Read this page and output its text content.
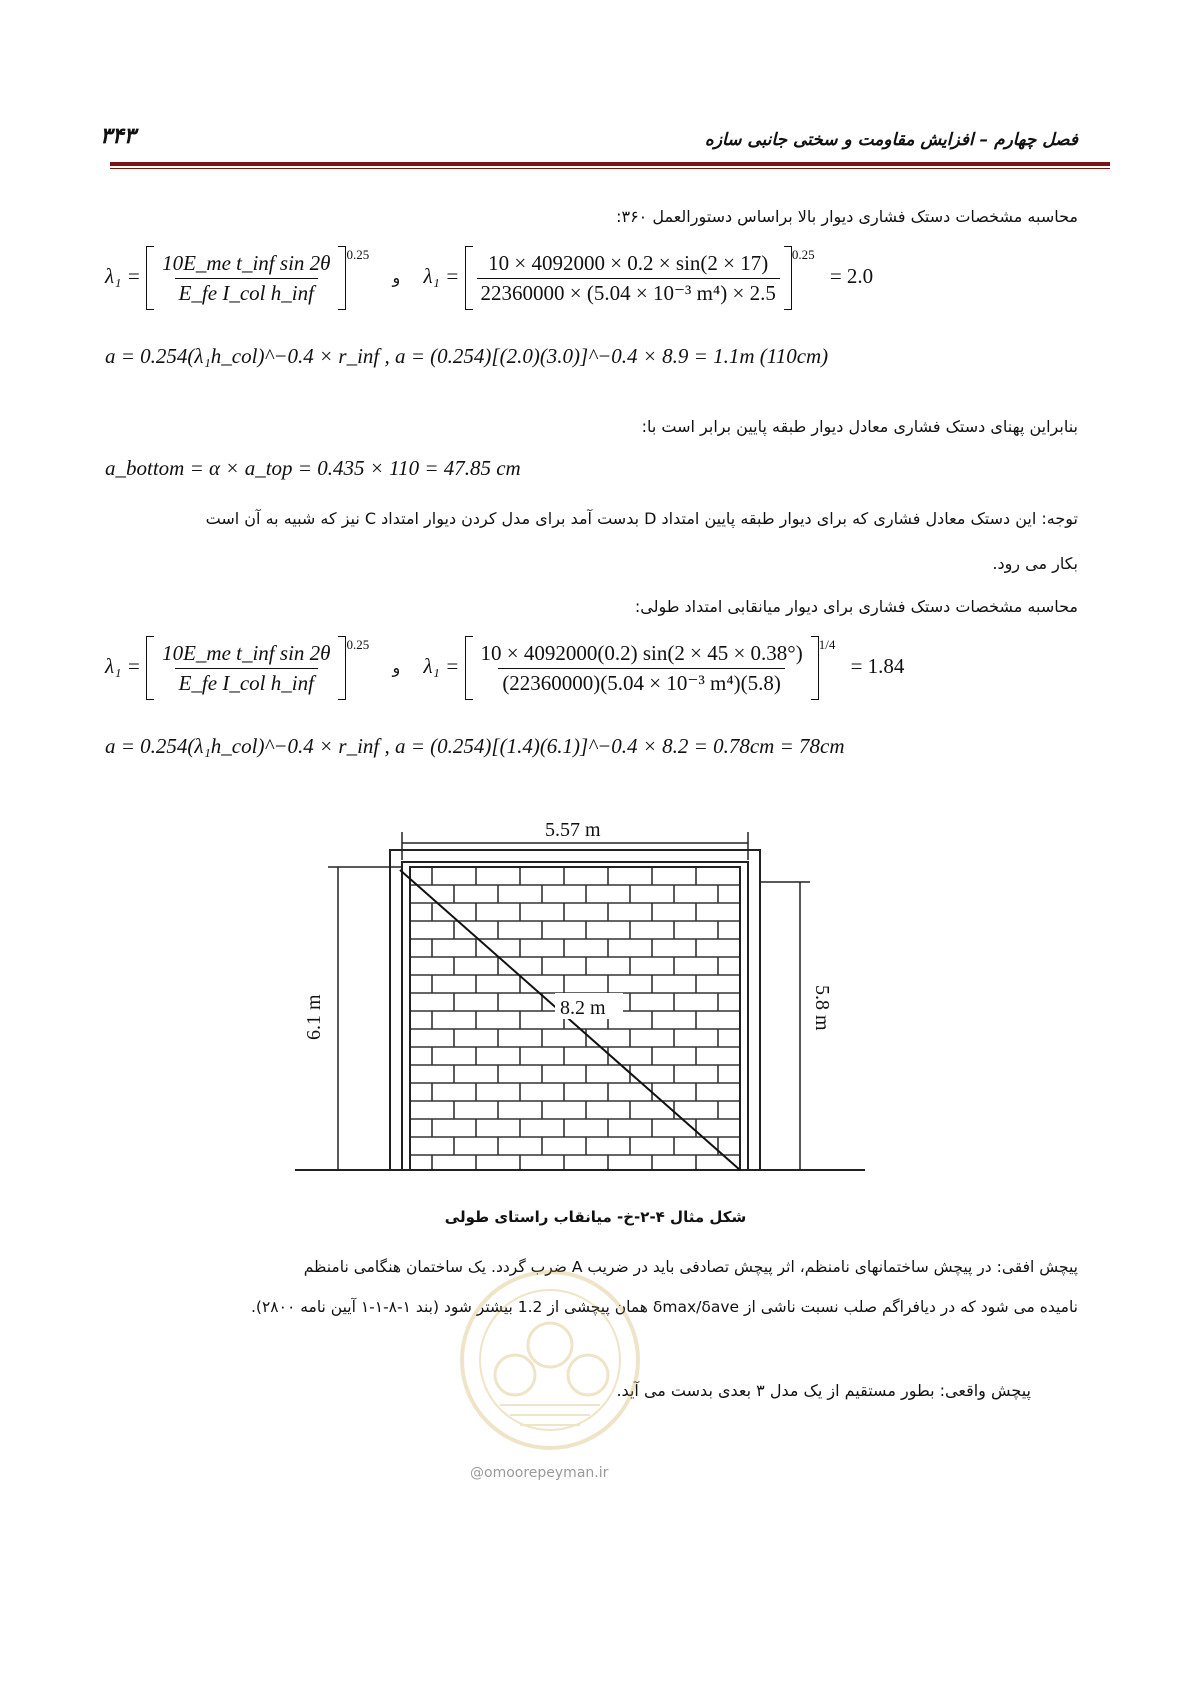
فصل چهارم – افزایش مقاومت و سختی جانبی سازه
۳۴۳
محاسبه مشخصات دستک فشاری دیوار بالا براساس دستورالعمل ۳۶۰:
$\lambda_1 = \frac{\text{10E\_me t\_inf sin 2θ}}{\text{E\_fe I\_col h\_inf}} ^{0.25}$ و $\lambda_1 = \frac{10 \times 4092000 \times 0.2 \times \sin(2 \times 17)}{\text{22360000 × (5.04 × 10⁻³ m⁴) × 2.5}} ^{0.25} = 2.0$
a = 0.254(λ₁h_col)^−0.4 × r_inf , a = (0.254)[(2.0)(3.0)]^−0.4 × 8.9 = 1.1m (110cm)
بنابراین پهنای دستک فشاری معادل دیوار طبقه پایین برابر است با:
a_bottom = α × a_top = 0.435 × 110 = 47.85 cm
توجه: این دستک معادل فشاری که برای دیوار طبقه پایین امتداد D بدست آمد برای مدل کردن دیوار امتداد C نیز که شبیه به آن است
بکار می رود.
محاسبه مشخصات دستک فشاری برای دیوار میانقابی امتداد طولی:
$\lambda_1 = \frac{\text{10E\_me t\_inf sin 2θ}}{\text{E\_fe I\_col h\_inf}} ^{0.25}$ و $\lambda_1 = \frac{10 \times 4092000(0.2) \sin(2 \times 45 \times 0.38^\circ)}{\text{(22360000)(5.04 × 10⁻³ m⁴)(5.8)}} ^{1/4} = 1.84$
a = 0.254(λ₁h_col)^−0.4 × r_inf , a = (0.254)[(1.4)(6.1)]^−0.4 × 8.2 = 0.78cm = 78cm
8.2 m
5.57 m
6.1 m	5.8 m
شکل مثال ۴-۲-خ- میانقاب راستای طولی
پیچش افقی: در پیچش ساختمانهای نامنظم، اثر پیچش تصادفی باید در ضریب A ضرب گردد. یک ساختمان هنگامی نامنظم
نامیده می شود که در دیافراگم صلب نسبت ناشی از δmax/δave همان پیچشی از 1.2 بیشتر شود (بند ۱-۸-۱-۱ آیین نامه ۲۸۰۰).
پیچش واقعی: بطور مستقیم از یک مدل ۳ بعدی بدست می آید.
@omoorepeyman.ir
